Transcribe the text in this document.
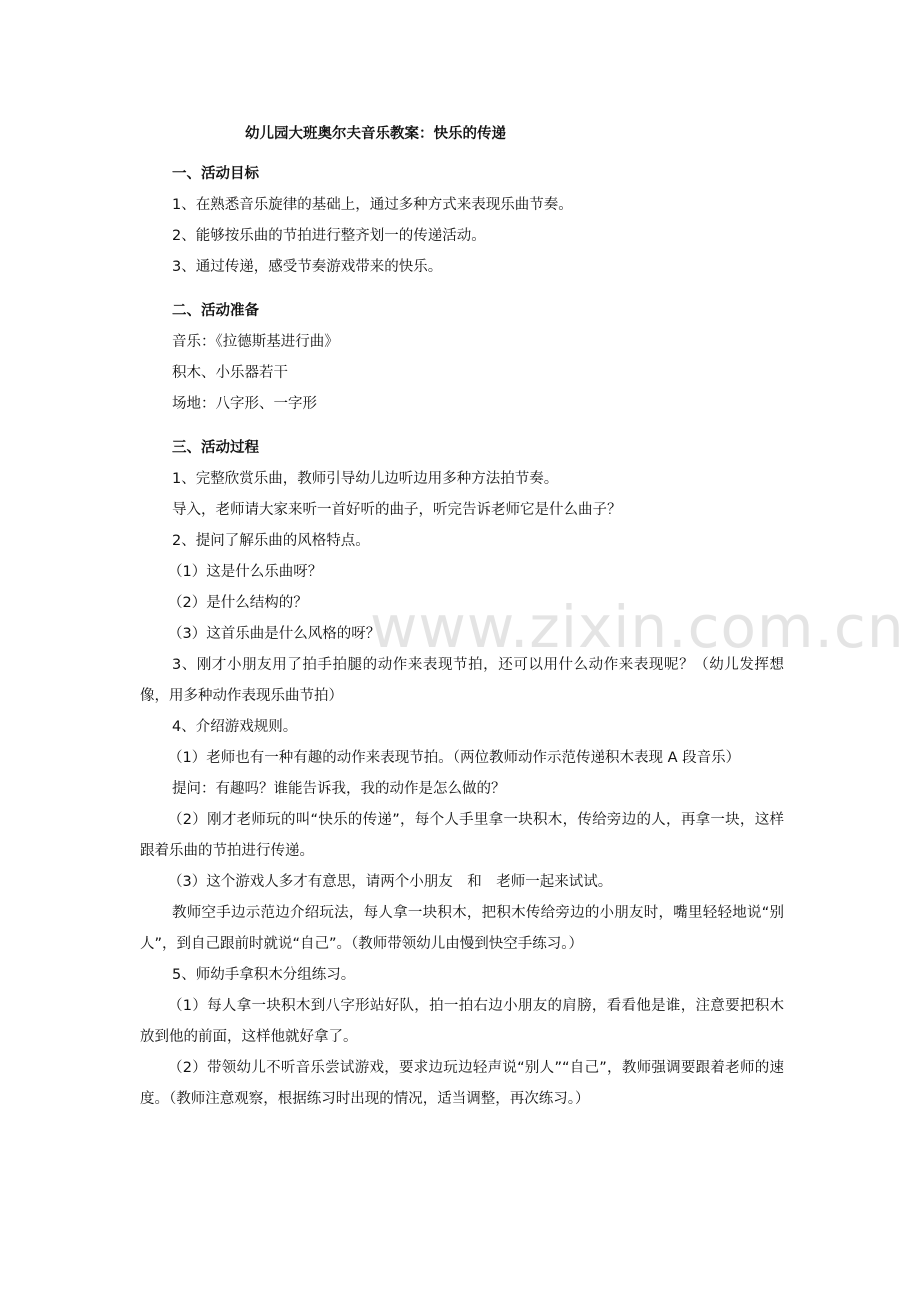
www.zixin.com.cn
幼儿园大班奥尔夫音乐教案：快乐的传递
一、活动目标

1、在熟悉音乐旋律的基础上，通过多种方式来表现乐曲节奏。

2、能够按乐曲的节拍进行整齐划一的传递活动。

3、通过传递，感受节奏游戏带来的快乐。

二、活动准备

音乐：《拉德斯基进行曲》

积木、小乐器若干

场地：八字形、一字形

三、活动过程

1、完整欣赏乐曲，教师引导幼儿边听边用多种方法拍节奏。

导入，老师请大家来听一首好听的曲子，听完告诉老师它是什么曲子？

2、提问了解乐曲的风格特点。

（1）这是什么乐曲呀？

（2）是什么结构的？

（3）这首乐曲是什么风格的呀？

3、刚才小朋友用了拍手拍腿的动作来表现节拍，还可以用什么动作来表现呢？（幼儿发挥想像，用多种动作表现乐曲节拍）

4、介绍游戏规则。

（1）老师也有一种有趣的动作来表现节拍。（两位教师动作示范传递积木表现 A 段音乐）

提问：有趣吗？谁能告诉我，我的动作是怎么做的？

（2）刚才老师玩的叫“快乐的传递”，每个人手里拿一块积木，传给旁边的人，再拿一块，这样跟着乐曲的节拍进行传递。

（3）这个游戏人多才有意思，请两个小朋友　和　老师一起来试试。

教师空手边示范边介绍玩法，每人拿一块积木，把积木传给旁边的小朋友时，嘴里轻轻地说“别人”，到自己跟前时就说“自己”。（教师带领幼儿由慢到快空手练习。）

5、师幼手拿积木分组练习。

（1）每人拿一块积木到八字形站好队，拍一拍右边小朋友的肩膀，看看他是谁，注意要把积木放到他的前面，这样他就好拿了。

（2）带领幼儿不听音乐尝试游戏，要求边玩边轻声说“别人”“自己”，教师强调要跟着老师的速度。（教师注意观察，根据练习时出现的情况，适当调整，再次练习。）
